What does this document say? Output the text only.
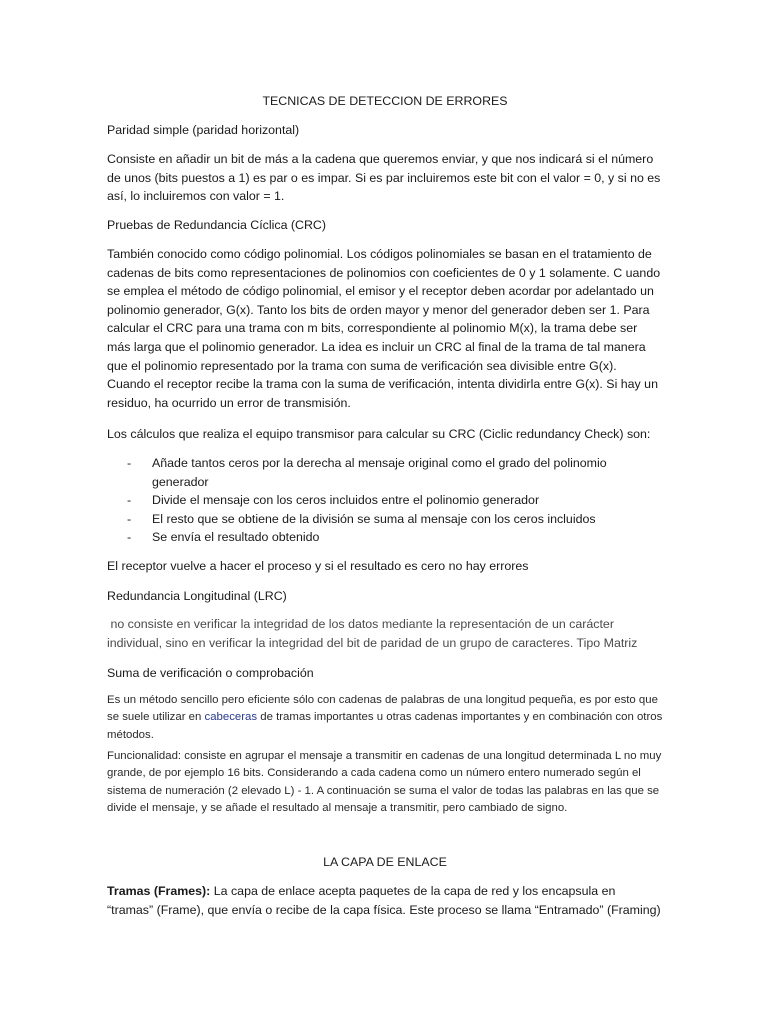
TECNICAS DE DETECCION DE ERRORES

Paridad simple (paridad horizontal)

Consiste en añadir un bit de más a la cadena que queremos enviar, y que nos indicará si el número de unos (bits puestos a 1) es par o es impar. Si es par incluiremos este bit con el valor = 0, y si no es así, lo incluiremos con valor = 1.

Pruebas de Redundancia Cíclica (CRC)

También conocido como código polinomial. Los códigos polinomiales se basan en el tratamiento de cadenas de bits como representaciones de polinomios con coeficientes de 0 y 1 solamente. C uando se emplea el método de código polinomial, el emisor y el receptor deben acordar por adelantado un polinomio generador, G(x). Tanto los bits de orden mayor y menor del generador deben ser 1. Para calcular el CRC para una trama con m bits, correspondiente al polinomio M(x), la trama debe ser más larga que el polinomio generador. La idea es incluir un CRC al final de la trama de tal manera que el polinomio representado por la trama con suma de verificación sea divisible entre G(x). Cuando el receptor recibe la trama con la suma de verificación, intenta dividirla entre G(x). Si hay un residuo, ha ocurrido un error de transmisión.

Los cálculos que realiza el equipo transmisor para calcular su CRC (Ciclic redundancy Check) son:

- Añade tantos ceros por la derecha al mensaje original como el grado del polinomio generador
- Divide el mensaje con los ceros incluidos entre el polinomio generador
- El resto que se obtiene de la división se suma al mensaje con los ceros incluidos
- Se envía el resultado obtenido

El receptor vuelve a hacer el proceso y si el resultado es cero no hay errores

Redundancia Longitudinal (LRC)

no consiste en verificar la integridad de los datos mediante la representación de un carácter individual, sino en verificar la integridad del bit de paridad de un grupo de caracteres. Tipo Matriz

Suma de verificación o comprobación

Es un método sencillo pero eficiente sólo con cadenas de palabras de una longitud pequeña, es por esto que se suele utilizar en cabeceras de tramas importantes u otras cadenas importantes y en combinación con otros métodos.

Funcionalidad: consiste en agrupar el mensaje a transmitir en cadenas de una longitud determinada L no muy grande, de por ejemplo 16 bits. Considerando a cada cadena como un número entero numerado según el sistema de numeración (2 elevado L) - 1. A continuación se suma el valor de todas las palabras en las que se divide el mensaje, y se añade el resultado al mensaje a transmitir, pero cambiado de signo.

LA CAPA DE ENLACE

Tramas (Frames): La capa de enlace acepta paquetes de la capa de red y los encapsula en “tramas” (Frame), que envía o recibe de la capa física. Este proceso se llama “Entramado” (Framing)
